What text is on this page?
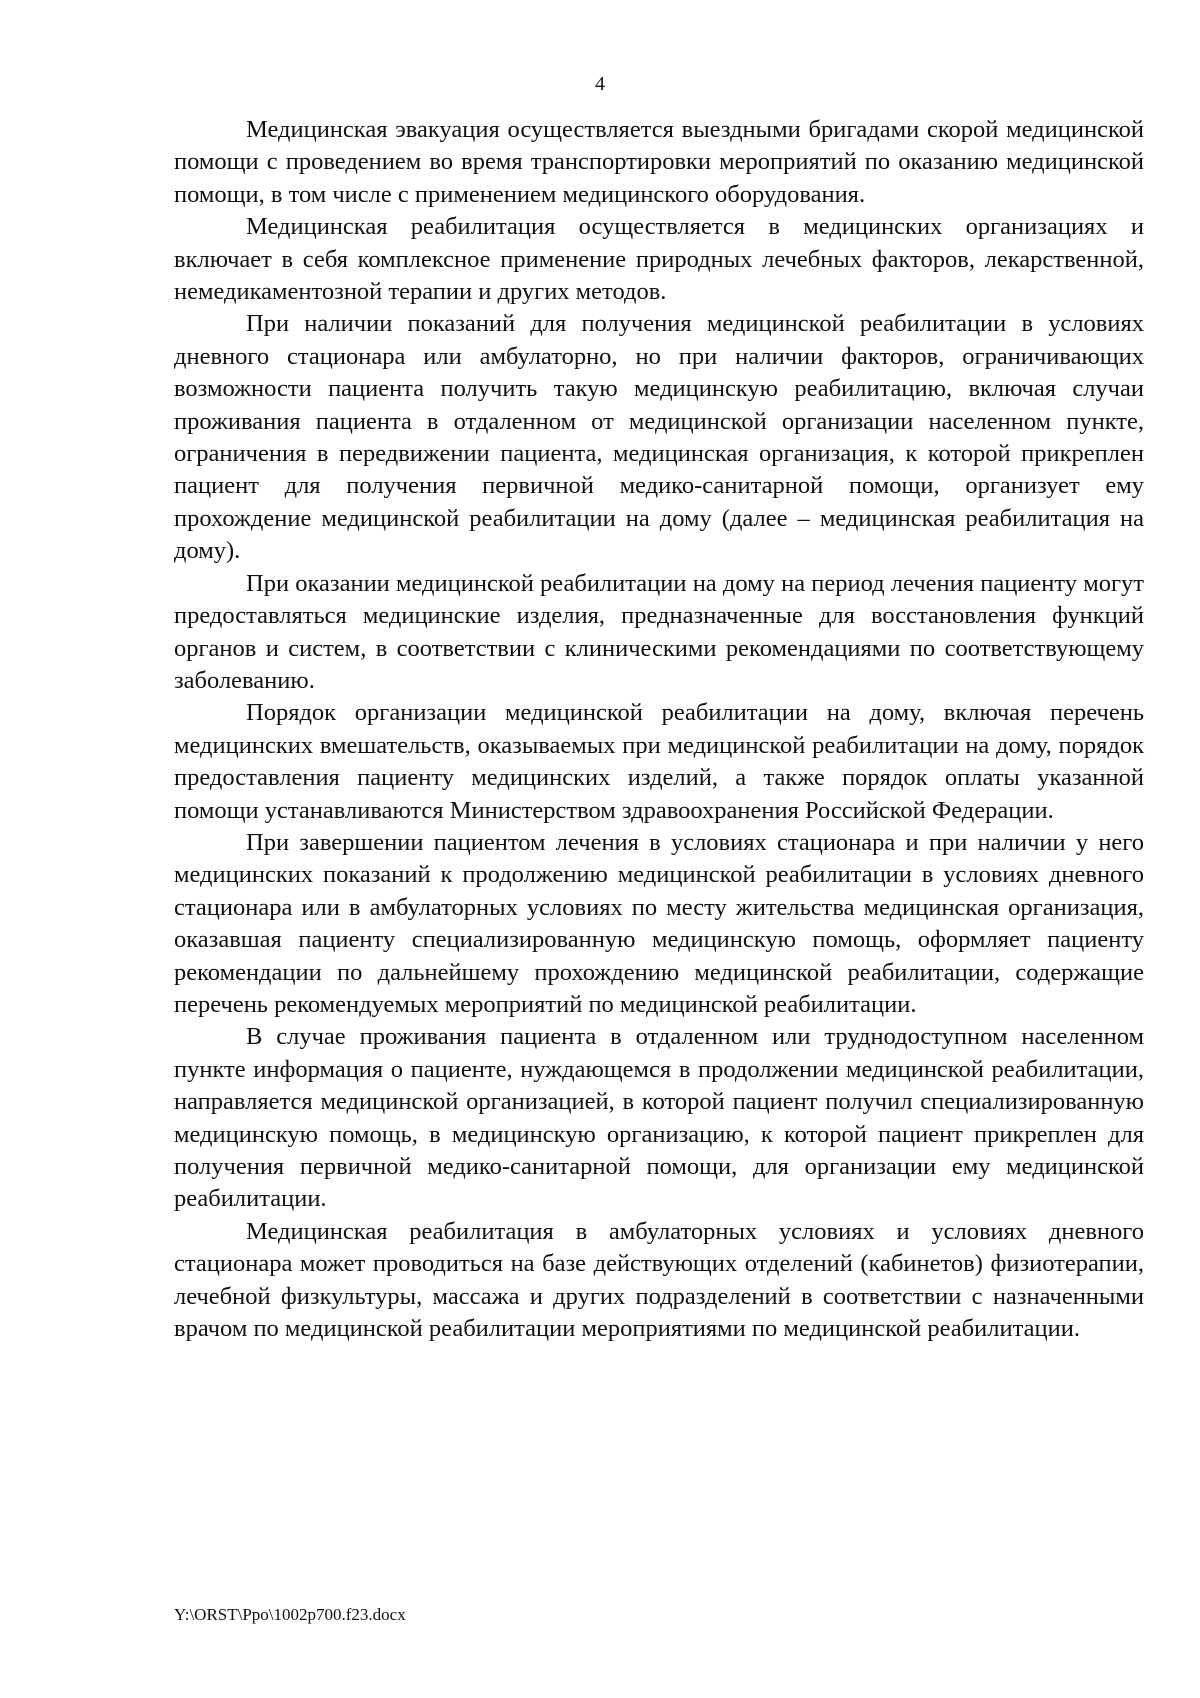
4

Медицинская эвакуация осуществляется выездными бригадами скорой медицинской помощи с проведением во время транспортировки мероприятий по оказанию медицинской помощи, в том числе с применением медицинского оборудования.

Медицинская реабилитация осуществляется в медицинских организациях и включает в себя комплексное применение природных лечебных факторов, лекарственной, немедикаментозной терапии и других методов.

При наличии показаний для получения медицинской реабилитации в условиях дневного стационара или амбулаторно, но при наличии факторов, ограничивающих возможности пациента получить такую медицинскую реабилитацию, включая случаи проживания пациента в отдаленном от медицинской организации населенном пункте, ограничения в передвижении пациента, медицинская организация, к которой прикреплен пациент для получения первичной медико-санитарной помощи, организует ему прохождение медицинской реабилитации на дому (далее – медицинская реабилитация на дому).

При оказании медицинской реабилитации на дому на период лечения пациенту могут предоставляться медицинские изделия, предназначенные для восстановления функций органов и систем, в соответствии с клиническими рекомендациями по соответствующему заболеванию.

Порядок организации медицинской реабилитации на дому, включая перечень медицинских вмешательств, оказываемых при медицинской реабилитации на дому, порядок предоставления пациенту медицинских изделий, а также порядок оплаты указанной помощи устанавливаются Министерством здравоохранения Российской Федерации.

При завершении пациентом лечения в условиях стационара и при наличии у него медицинских показаний к продолжению медицинской реабилитации в условиях дневного стационара или в амбулаторных условиях по месту жительства медицинская организация, оказавшая пациенту специализированную медицинскую помощь, оформляет пациенту рекомендации по дальнейшему прохождению медицинской реабилитации, содержащие перечень рекомендуемых мероприятий по медицинской реабилитации.

В случае проживания пациента в отдаленном или труднодоступном населенном пункте информация о пациенте, нуждающемся в продолжении медицинской реабилитации, направляется медицинской организацией, в которой пациент получил специализированную медицинскую помощь, в медицинскую организацию, к которой пациент прикреплен для получения первичной медико-санитарной помощи, для организации ему медицинской реабилитации.

Медицинская реабилитация в амбулаторных условиях и условиях дневного стационара может проводиться на базе действующих отделений (кабинетов) физиотерапии, лечебной физкультуры, массажа и других подразделений в соответствии с назначенными врачом по медицинской реабилитации мероприятиями по медицинской реабилитации.

Y:\ORST\Ppo\1002p700.f23.docx
